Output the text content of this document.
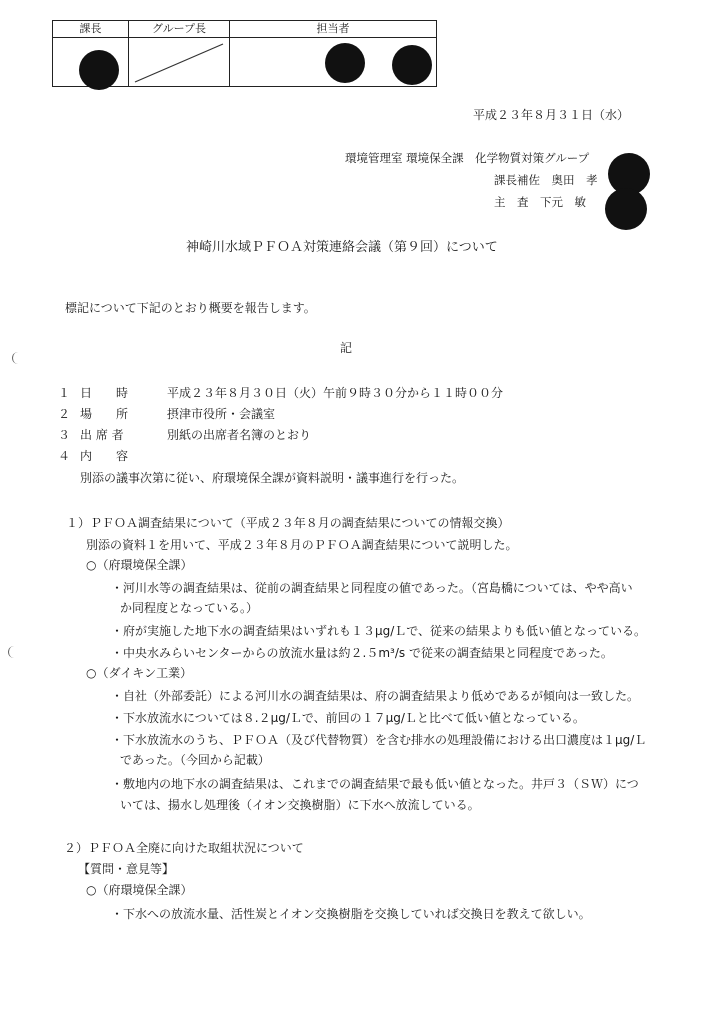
課長	グループ長	担当者
平成２３年８月３１日（水）
環境管理室 環境保全課　化学物質対策グループ
課長補佐　奥田　孝
主　査　下元　敏
神崎川水域ＰＦＯＡ対策連絡会議（第９回）について
標記について下記のとおり概要を報告します。
記
１ 日　　時	平成２３年８月３０日（火）午前９時３０分から１１時００分
２ 場　　所	摂津市役所・会議室
３ 出 席 者	別紙の出席者名簿のとおり
４ 内　　容
別添の議事次第に従い、府環境保全課が資料説明・議事進行を行った。
１）ＰＦＯＡ調査結果について（平成２３年８月の調査結果についての情報交換）
別添の資料１を用いて、平成２３年８月のＰＦＯＡ調査結果について説明した。
○（府環境保全課）
・河川水等の調査結果は、従前の調査結果と同程度の値であった。（宮島橋については、やや高い
か同程度となっている。）
・府が実施した地下水の調査結果はいずれも１３μg/Ｌで、従来の結果よりも低い値となっている。
・中央水みらいセンターからの放流水量は約２.５m³/s で従来の調査結果と同程度であった。
○（ダイキン工業）
・自社（外部委託）による河川水の調査結果は、府の調査結果より低めであるが傾向は一致した。
・下水放流水については８.２μg/Ｌで、前回の１７μg/Ｌと比べて低い値となっている。
・下水放流水のうち、ＰＦＯＡ（及び代替物質）を含む排水の処理設備における出口濃度は１μg/Ｌ
であった。（今回から記載）
・敷地内の地下水の調査結果は、これまでの調査結果で最も低い値となった。井戸３（ＳＷ）につ
いては、揚水し処理後（イオン交換樹脂）に下水へ放流している。
２）ＰＦＯＡ全廃に向けた取組状況について
【質問・意見等】
○（府環境保全課）
・下水への放流水量、活性炭とイオン交換樹脂を交換していれば交換日を教えて欲しい。
